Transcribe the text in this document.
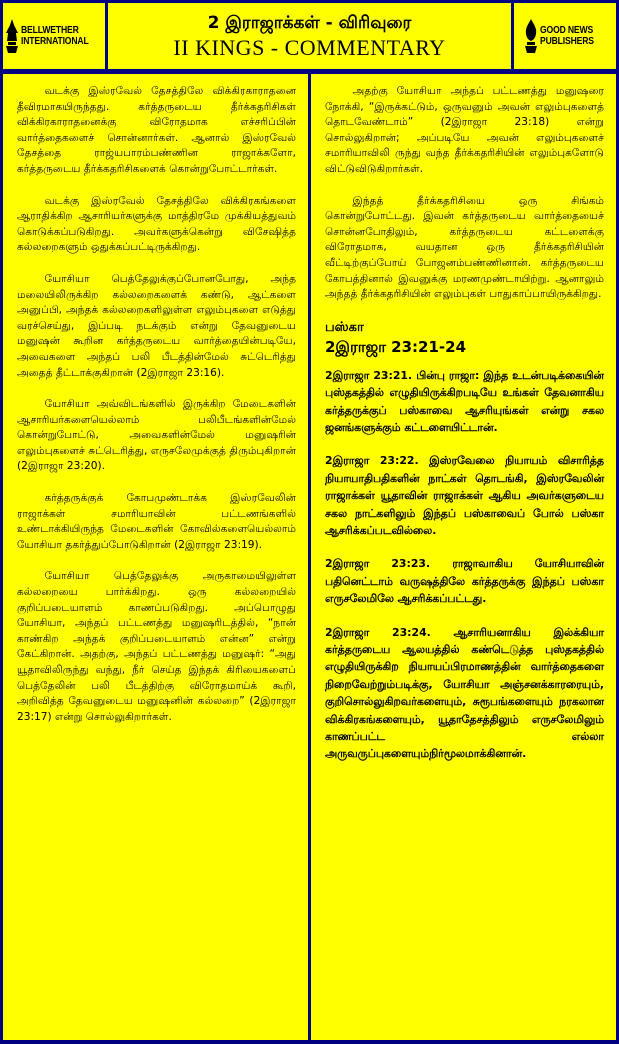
BELLWETHER
INTERNATIONAL
2 இராஜாக்கள் - விரிவுரை
II KINGS - COMMENTARY
GOOD NEWS
PUBLISHERS

வடக்கு இஸ்ரவேல் தேசத்திலே விக்கிரகாராதனை தீவிரமாகயிருந்தது. கர்த்தருடைய தீர்க்கதரிசிகள் விக்கிரகாராதனைக்கு விரோதமாக எச்சரிப்பின் வார்த்தைகளைச் சொன்னார்கள். ஆனால் இஸ்ரவேல் தேசத்தை ராஜ்யபாரம்பண்ணின ராஜாக்களோ, கர்த்தருடைய தீர்க்கதரிசிகளைக் கொன்றுபோட்டார்கள்.

வடக்கு இஸ்ரவேல் தேசத்திலே விக்கிரகங்களை ஆராதிக்கிற ஆசாரியர்களுக்கு மாத்திரமே முக்கியத்துவம் கொடுக்கப்படுகிறது. அவர்களுக்கென்று விசேஷித்த கல்லறைகளும் ஒதுக்கப்பட்டிருக்கிறது.

யோசியா பெத்தேலுக்குப்போனபோது, அந்த மலையிலிருக்கிற கல்லறைகளைக் கண்டு, ஆட்களை அனுப்பி, அந்தக் கல்லறைகளிலுள்ள எலும்புகளை எடுத்து வரச்செய்து, இப்படி நடக்கும் என்று தேவனுடைய மனுஷன் கூறின கர்த்தருடைய வார்த்தையின்படியே, அவைகளை அந்தப் பலி பீடத்தின்மேல் சுட்டெரித்து அதைத் தீட்டாக்குகிறான் (2இராஜா 23:16).

யோசியா அவ்விடங்களில் இருக்கிற மேடைகளின் ஆசாரியர்களையெல்லாம் பலிபீடங்களின்மேல் கொன்றுபோட்டு, அவைகளின்மேல் மனுஷரின் எலும்புகளைச் சுட்டெரித்து, எருசலேமுக்குத் திரும்புகிறான் (2இராஜா 23:20).

கர்த்தருக்குக் கோபமுண்டாக்க இஸ்ரவேலின் ராஜாக்கள் சமாரியாவின் பட்டணங்களில் உண்டாக்கியிருந்த மேடைகளின் கோவில்களையெல்லாம் யோசியா தகர்த்துப்போடுகிறான் (2இராஜா 23:19).

யோசியா பெத்தேலுக்கு அருகாமையிலுள்ள கல்லறையை பார்க்கிறது. ஒரு கல்லறையில் குறிப்படையாளம் காணப்படுகிறது. அப்பொழுது யோசியா, அந்தப் பட்டணத்து மனுஷரிடத்தில், “நான் காண்கிற அந்தக் குறிப்படையாளம் என்ன” என்று கேட்கிறான். அதற்கு, அந்தப் பட்டணத்து மனுஷர்: “அது யூதாவிலிருந்து வந்து, நீர் செய்த இந்தக் கிரியைகளைப் பெத்தேலின் பலி பீடத்திற்கு விரோதமாய்க் கூறி, அறிவித்த தேவனுடைய மனுஷனின் கல்லறை” (2இராஜா 23:17) என்று சொல்லுகிறார்கள்.

அதற்கு யோசியா அந்தப் பட்டணத்து மனுஷரை நோக்கி, “இருக்கட்டும், ஒருவனும் அவன் எலும்புகளைத் தொடவேண்டாம்” (2இராஜா 23:18) என்று சொல்லுகிறான்; அப்படியே அவன் எலும்புகளைச் சமாரியாவிலி ருந்து வந்த தீர்க்கதரிசியின் எலும்புகளோடு விட்டுவிடுகிறார்கள்.

இந்தத் தீர்க்கதரிசியை ஒரு சிங்கம் கொன்றுபோட்டது. இவன் கர்த்தருடைய வார்த்தையைச் சொன்னபோதிலும், கர்த்தருடைய கட்டளைக்கு விரோதமாக, வயதான ஒரு தீர்க்கதரிசியின் வீட்டிற்குப்போய் போஜனம்பண்ணினான். கர்த்தருடைய கோபத்தினால் இவனுக்கு மரணமுண்டாயிற்று. ஆனாலும் அந்தத் தீர்க்கதரிசியின் எலும்புகள் பாதுகாப்பாயிருக்கிறது.

பஸ்கா
2இராஜா 23:21-24

2இராஜா 23:21. பின்பு ராஜா: இந்த உடன்படிக்கையின் புஸ்தகத்தில் எழுதியிருக்கிறபடியே உங்கள் தேவனாகிய கர்த்தருக்குப் பஸ்காவை ஆசரியுங்கள் என்று சகல ஜனங்களுக்கும் கட்டளையிட்டான்.

2இராஜா 23:22. இஸ்ரவேலை நியாயம் விசாரித்த நியாயாதிபதிகளின் நாட்கள் தொடங்கி, இஸ்ரவேலின் ராஜாக்கள் யூதாவின் ராஜாக்கள் ஆகிய அவர்களுடைய சகல நாட்களிலும் இந்தப் பஸ்காவைப் போல் பஸ்கா ஆசரிக்கப்படவில்லை.

2இராஜா 23:23. ராஜாவாகிய யோசியாவின் பதினெட்டாம் வருஷத்திலே கர்த்தருக்கு இந்தப் பஸ்கா எருசலேமிலே ஆசரிக்கப்பட்டது.

2இராஜா 23:24. ஆசாரியனாகிய இல்க்கியா கர்த்தருடைய ஆலயத்தில் கண்டெடுத்த புஸ்தகத்தில் எழுதியிருக்கிற நியாயப்பிரமாணத்தின் வார்த்தைகளை நிறைவேற்றும்படிக்கு, யோசியா அஞ்சனக்காரரையும், குறிசொல்லுகிறவர்களையும், சுரூபங்களையும் நரகலான விக்கிரகங்களையும், யூதாதேசத்திலும் எருசலேமிலும் காணப்பட்ட எல்லா அருவருப்புகளையும்நிர்மூலமாக்கினான்.
